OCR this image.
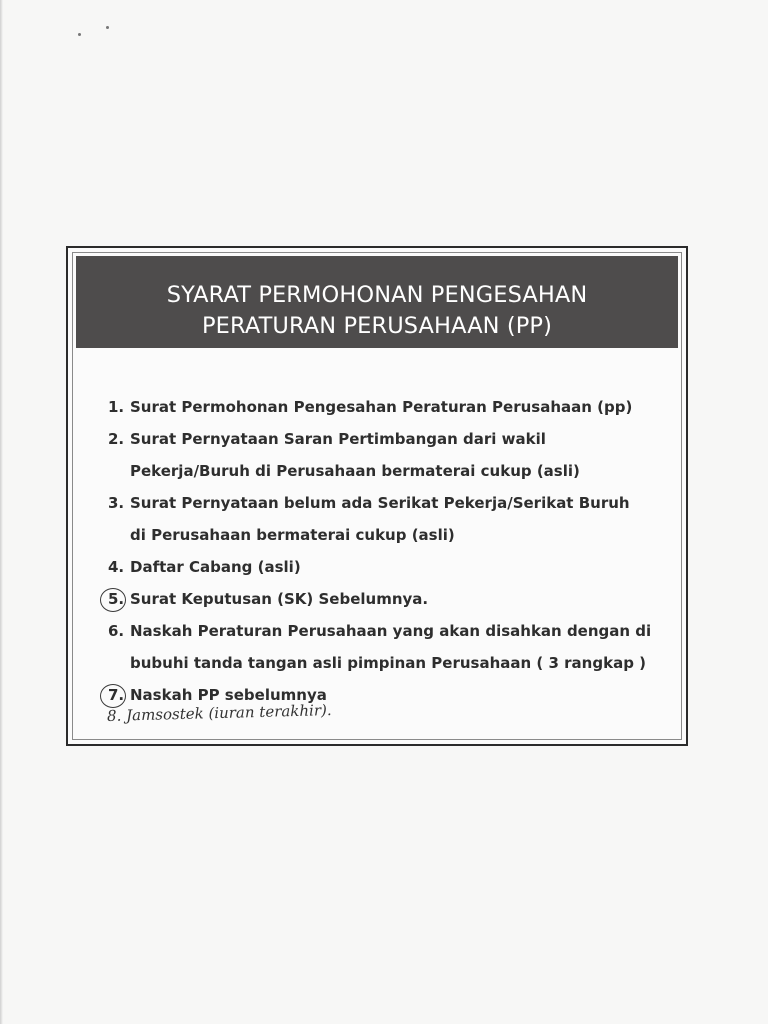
SYARAT PERMOHONAN PENGESAHAN
PERATURAN PERUSAHAAN (PP)
1. Surat Permohonan Pengesahan Peraturan Perusahaan (pp)
2. Surat Pernyataan Saran Pertimbangan dari wakil
Pekerja/Buruh di Perusahaan bermaterai cukup (asli)
3. Surat Pernyataan belum ada Serikat Pekerja/Serikat Buruh
di Perusahaan bermaterai cukup (asli)
4. Daftar Cabang (asli)
5. Surat Keputusan (SK) Sebelumnya.
6. Naskah Peraturan Perusahaan yang akan disahkan dengan di
bubuhi tanda tangan asli pimpinan Perusahaan ( 3 rangkap )
7. Naskah PP sebelumnya
8. Jamsostek (iuran terakhir).
